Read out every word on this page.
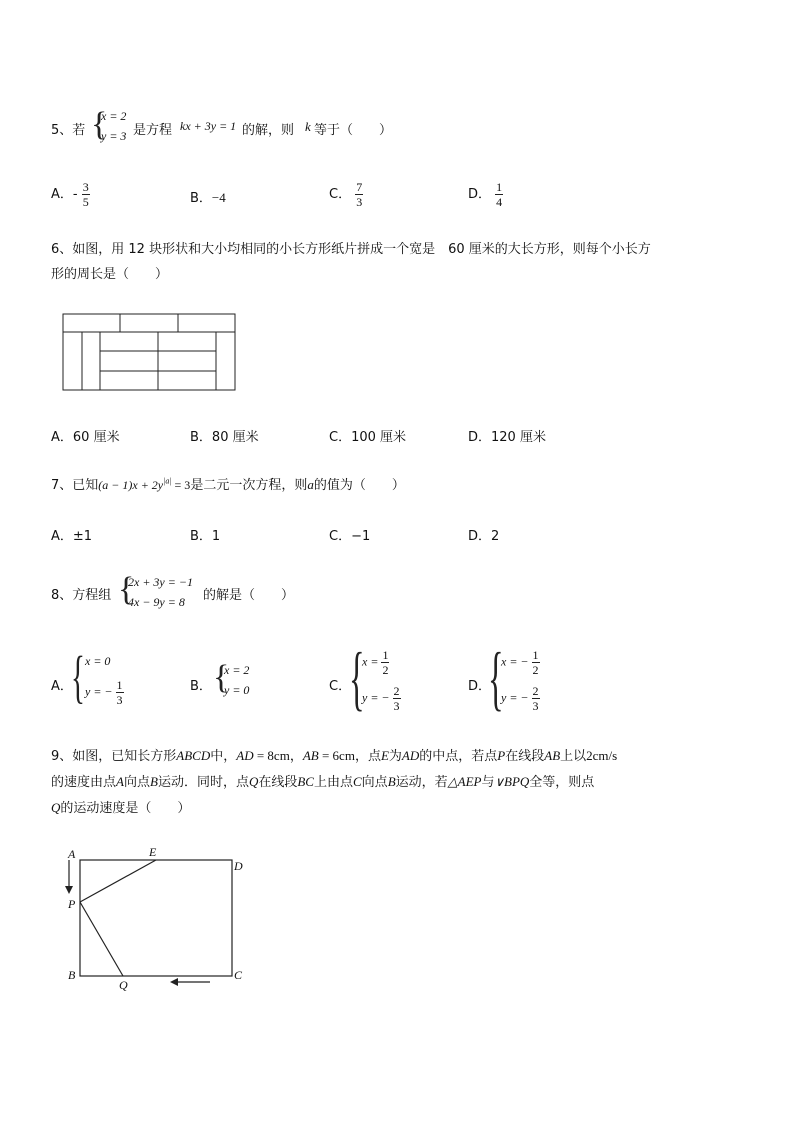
5、若 {
x = 2
y = 3 是方程 kx + 3y = 1 的解，则 k 等于（　　）
A．- $\frac{3}{5}$	B．−4	C． $\frac{7}{3}$	D． $\frac{1}{4}$
6、如图，用 12 块形状和大小均相同的小长方形纸片拼成一个宽是　60 厘米的大长方形，则每个小长方
形的周长是（　　）
A．60 厘米	B．80 厘米	C．100 厘米	D．120 厘米
7、已知$(a - 1)x + 2y^{|a|} = 3$是二元一次方程，则a的值为（　　）
A．±1	B．1	C．−1	D．2
8、方程组 {
2x + 3y = −1
4x − 9y = 8 的解是（　　）
A．
{ x = 0
y = − $\frac{1}{3}$	B． {
x = 2
y = 0	C．
{
$x = \frac{1}{2}$
y = − $\frac{2}{3}$	D．
{
x = − $\frac{1}{2}$
y = − $\frac{2}{3}$
9、如图，已知长方形ABCD中，AD = 8cm，AB = 6cm，点E为AD的中点，若点P在线段AB上以2cm/s
的速度由点A向点B运动．同时，点Q在线段BC上由点C向点B运动，若△AEP与∨BPQ全等，则点
Q的运动速度是（　　）
A	E
D
P
B
Q
C
